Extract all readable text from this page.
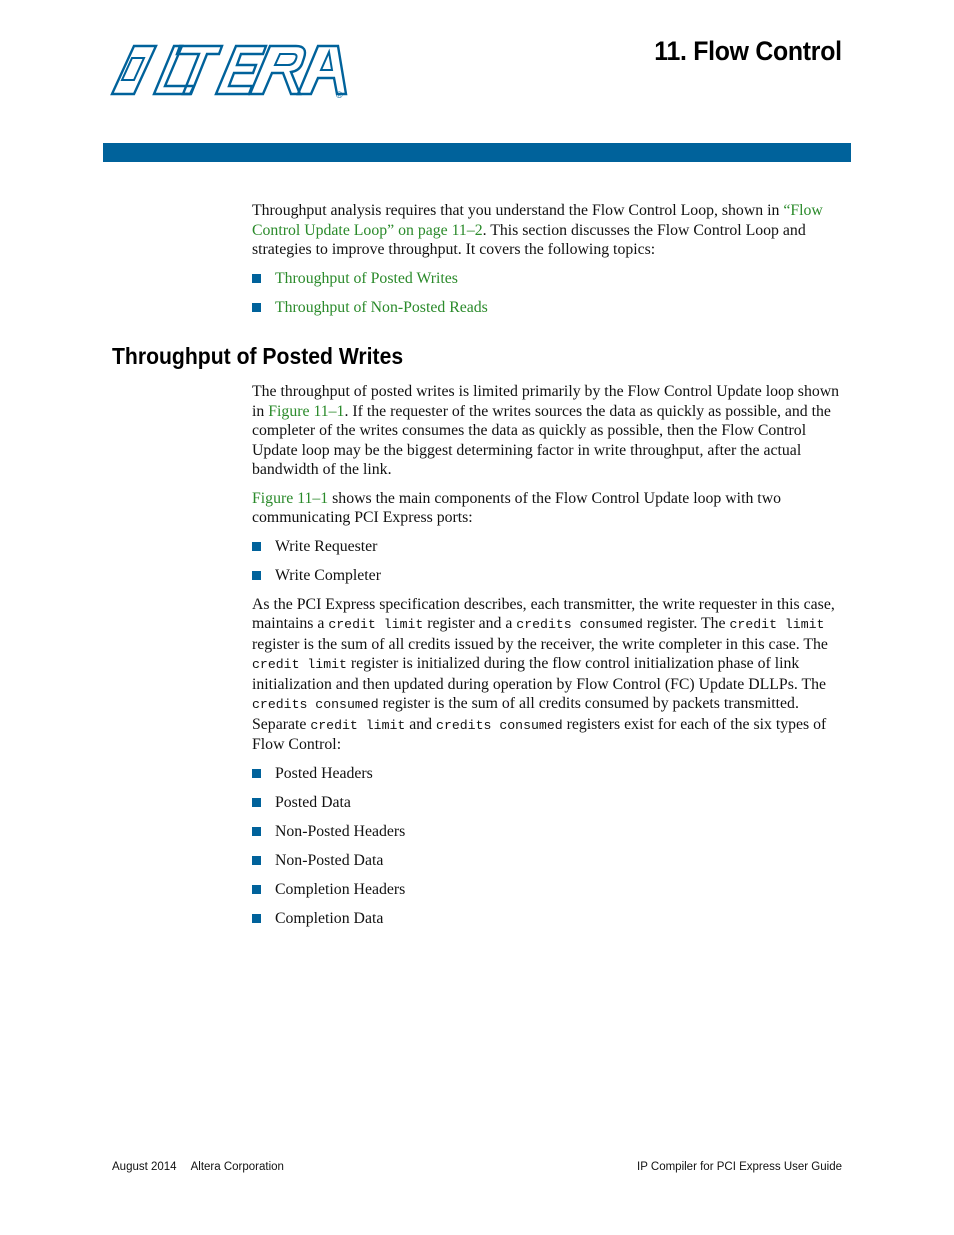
®
11. Flow Control

Throughput analysis requires that you understand the Flow Control Loop, shown in “Flow Control Update Loop” on page 11–2. This section discusses the Flow Control Loop and strategies to improve throughput. It covers the following topics:

Throughput of Posted Writes
Throughput of Non-Posted Reads
Throughput of Posted Writes

The throughput of posted writes is limited primarily by the Flow Control Update loop shown in Figure 11–1. If the requester of the writes sources the data as quickly as possible, and the completer of the writes consumes the data as quickly as possible, then the Flow Control Update loop may be the biggest determining factor in write throughput, after the actual bandwidth of the link.

Figure 11–1 shows the main components of the Flow Control Update loop with two communicating PCI Express ports:

Write Requester
Write Completer

As the PCI Express specification describes, each transmitter, the write requester in this case, maintains a credit limit register and a credits consumed register. The credit limit register is the sum of all credits issued by the receiver, the write completer in this case. The credit limit register is initialized during the flow control initialization phase of link initialization and then updated during operation by Flow Control (FC) Update DLLPs. The credits consumed register is the sum of all credits consumed by packets transmitted. Separate credit limit and credits consumed registers exist for each of the six types of Flow Control:

Posted Headers
Posted Data
Non-Posted Headers
Non-Posted Data
Completion Headers
Completion Data
August 2014 Altera Corporation	IP Compiler for PCI Express User Guide
